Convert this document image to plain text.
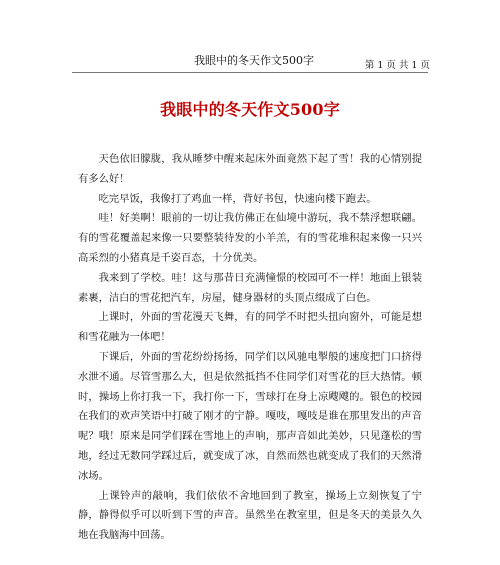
我眼中的冬天作文500字	第 1 页 共 1 页
我眼中的冬天作文500字

天色依旧朦胧，我从睡梦中醒来起床外面竟然下起了雪！我的心情别提有多么好！

吃完早饭，我像打了鸡血一样，背好书包，快速向楼下跑去。

哇！好美啊！眼前的一切让我仿佛正在仙境中游玩，我不禁浮想联翩。有的雪花覆盖起来像一只要整装待发的小羊羔，有的雪花堆积起来像一只兴高采烈的小猪真是千姿百态，十分优美。

我来到了学校。哇！这与那昔日充满憧憬的校园可不一样！地面上银装素裹，洁白的雪花把汽车，房屋，健身器材的头顶点缀成了白色。

上课时，外面的雪花漫天飞舞，有的同学不时把头扭向窗外，可能是想和雪花融为一体吧！

下课后，外面的雪花纷纷扬扬，同学们以风驰电掣般的速度把门口挤得水泄不通。尽管雪那么大，但是依然抵挡不住同学们对雪花的巨大热情。顿时，操场上你打我一下，我打你一下，雪球打在身上凉飕飕的。银色的校园在我们的欢声笑语中打破了刚才的宁静。嘎吱，嘎吱是谁在那里发出的声音呢？哦！原来是同学们踩在雪地上的声响，那声音如此美妙，只见蓬松的雪地，经过无数同学踩过后，就变成了冰，自然而然也就变成了我们的天然滑冰场。

上课铃声的敲响，我们依依不舍地回到了教室，操场上立刻恢复了宁静，静得似乎可以听到下雪的声音。虽然坐在教室里，但是冬天的美景久久地在我脑海中回荡。
